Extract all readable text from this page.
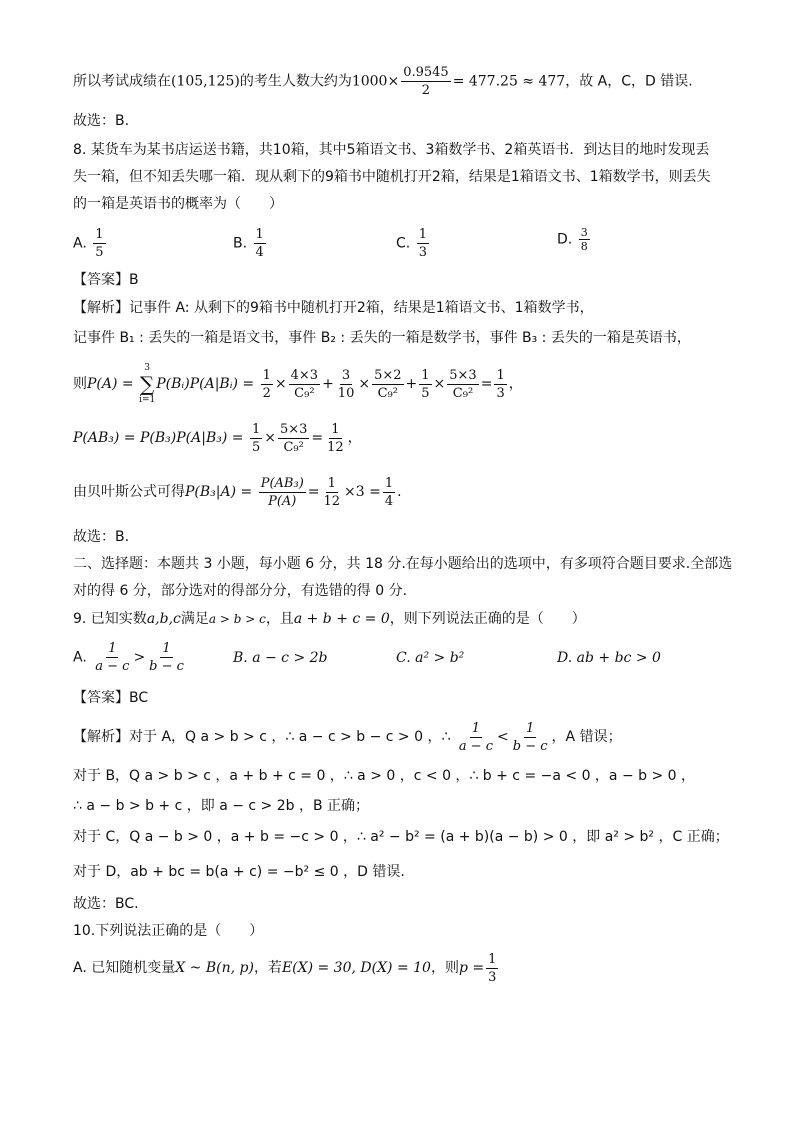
所以考试成绩在(105,125)的考生人数大约为$1000\times \frac{0.9545}{2} = 477.25 \approx 477$，故 A，C，D 错误.
故选：B.
8. 某货车为某书店运送书籍，共10箱，其中5箱语文书、3箱数学书、2箱英语书．到达目的地时发现丢
失一箱，但不知丢失哪一箱．现从剩下的9箱书中随机打开2箱，结果是1箱语文书、1箱数学书，则丢失
的一箱是英语书的概率为（　　）
A. $\frac{1}{5}$	B. $\frac{1}{4}$	C. $\frac{1}{3}$	D. $\frac{3}{8}$
【答案】B
【解析】记事件 A: 从剩下的9箱书中随机打开2箱，结果是1箱语文书、1箱数学书，
记事件 B₁ : 丢失的一箱是语文书，事件 B₂ : 丢失的一箱是数学书，事件 B₃ : 丢失的一箱是英语书，
则P(A) =
3
∑
i=1
P(Bᵢ)P(A|Bᵢ) = $\frac{1}{2} \times \frac{4\times 3}{\text{C₉²}} + \frac{3}{10} \times \frac{5\times 2}{\text{C₉²}} + \frac{1}{5} \times \frac{5\times 3}{\text{C₉²}} = \frac{1}{3}$ ，
$P(AB_3) = P(B_3)P(A|B_3) = \frac{1}{5} \times \frac{5\times 3}{\text{C₉²}} = \frac{1}{12}$ ，
由贝叶斯公式可得$P(B_3|A) = \frac{\text{P(AB₃)}}{P(A)} = \frac{1}{12} \times 3 = \frac{1}{4}$ .
故选：B.
二、选择题：本题共 3 小题，每小题 6 分，共 18 分.在每小题给出的选项中，有多项符合题目要求.全部选
对的得 6 分，部分选对的得部分分，有选错的得 0 分.
9. 已知实数a,b,c满足a > b > c，且a + b + c = 0，则下列说法正确的是（　　）
A. $\frac{1}{a - c} > \frac{1}{b - c}$	B. a − c > 2b	C. a² > b²	D. ab + bc > 0
【答案】BC
【解析】对于 A，Q a > b > c ，∴ a − c > b − c > 0 ，∴ $\frac{1}{a - c} < \frac{1}{b - c}$ ，A 错误；
对于 B，Q a > b > c ，a + b + c = 0 ，∴ a > 0 ，c < 0 ，∴ b + c = −a < 0 ，a − b > 0 ，
∴ a − b > b + c ，即 a − c > 2b ，B 正确；
对于 C，Q a − b > 0 ，a + b = −c > 0 ，∴ a² − b² = (a + b)(a − b) > 0 ，即 a² > b² ，C 正确；
对于 D，ab + bc = b(a + c) = −b² ≤ 0 ，D 错误.
故选：BC.
10.下列说法正确的是（　　）
A. 已知随机变量X ~ B(n, p)，若E(X) = 30, D(X) = 10，则$p = \frac{1}{3}$
